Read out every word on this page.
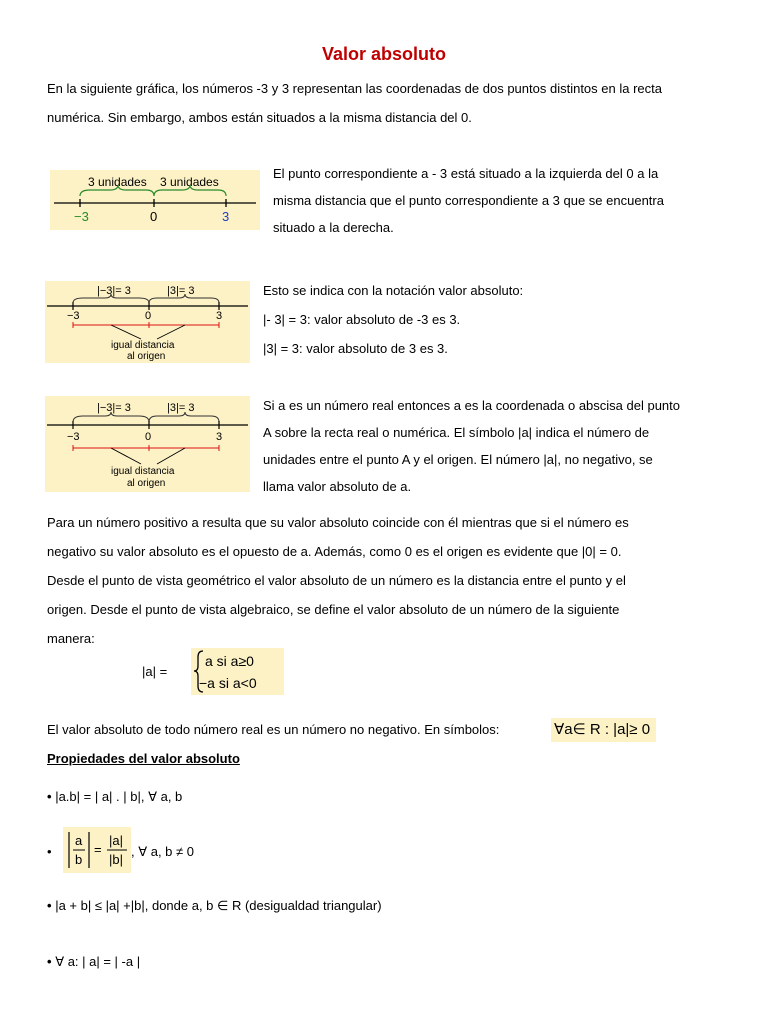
Valor absoluto
En la siguiente gráfica, los números -3 y 3 representan las coordenadas de dos puntos distintos en la recta
numérica. Sin embargo, ambos están situados a la misma distancia del 0.
3 unidades 3 unidades
−3	0	3
El punto correspondiente a - 3 está situado a la izquierda del 0 a la
misma distancia que el punto correspondiente a 3 que se encuentra
situado a la derecha.
|−3|= 3	|3|= 3
−3	0	3
igual distancia
al origen
Esto se indica con la notación valor absoluto:
|- 3| = 3: valor absoluto de -3 es 3.
|3| = 3: valor absoluto de 3 es 3.
|−3|= 3	|3|= 3
−3	0	3
igual distancia
al origen
Si a es un número real entonces a es la coordenada o abscisa del punto
A sobre la recta real o numérica. El símbolo |a| indica el número de
unidades entre el punto A y el origen. El número |a|, no negativo, se
llama valor absoluto de a.
Para un número positivo a resulta que su valor absoluto coincide con él mientras que si el número es
negativo su valor absoluto es el opuesto de a. Además, como 0 es el origen es evidente que |0| = 0.
Desde el punto de vista geométrico el valor absoluto de un número es la distancia entre el punto y el
origen. Desde el punto de vista algebraico, se define el valor absoluto de un número de la siguiente
manera:
|a| =
a si a≥0
−a si a<0
El valor absoluto de todo número real es un número no negativo. En símbolos:	∀a∈ R : |a|≥ 0
Propiedades del valor absoluto
• |a.b| = | a| . | b|, ∀ a, b
•
a
b
=
|a|
|b|
, ∀ a, b ≠ 0
• |a + b| ≤ |a| +|b|, donde a, b ∈ R (desigualdad triangular)
• ∀ a: | a| = | -a |
